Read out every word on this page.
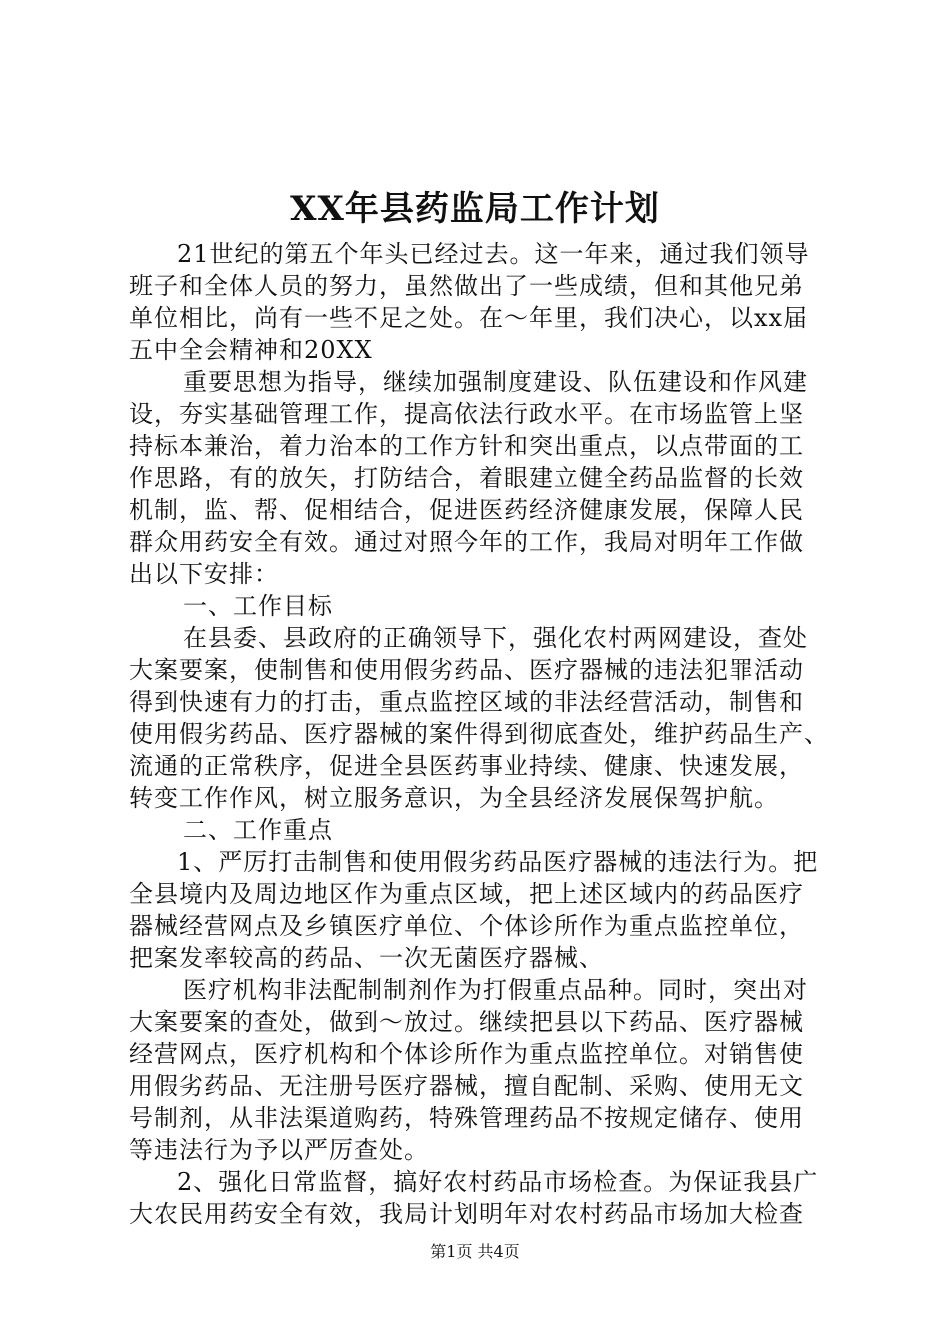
XX年县药监局工作计划
21世纪的第五个年头已经过去。这一年来，通过我们领导
班子和全体人员的努力，虽然做出了一些成绩，但和其他兄弟
单位相比，尚有一些不足之处。在～年里，我们决心，以xx届
五中全会精神和20XX
重要思想为指导，继续加强制度建设、队伍建设和作风建
设，夯实基础管理工作，提高依法行政水平。在市场监管上坚
持标本兼治，着力治本的工作方针和突出重点，以点带面的工
作思路，有的放矢，打防结合，着眼建立健全药品监督的长效
机制，监、帮、促相结合，促进医药经济健康发展，保障人民
群众用药安全有效。通过对照今年的工作，我局对明年工作做
出以下安排：
一、工作目标
在县委、县政府的正确领导下，强化农村两网建设，查处
大案要案，使制售和使用假劣药品、医疗器械的违法犯罪活动
得到快速有力的打击，重点监控区域的非法经营活动，制售和
使用假劣药品、医疗器械的案件得到彻底查处，维护药品生产、
流通的正常秩序，促进全县医药事业持续、健康、快速发展，
转变工作作风，树立服务意识，为全县经济发展保驾护航。
二、工作重点
1、严厉打击制售和使用假劣药品医疗器械的违法行为。把
全县境内及周边地区作为重点区域，把上述区域内的药品医疗
器械经营网点及乡镇医疗单位、个体诊所作为重点监控单位，
把案发率较高的药品、一次无菌医疗器械、
医疗机构非法配制制剂作为打假重点品种。同时，突出对
大案要案的查处，做到～放过。继续把县以下药品、医疗器械
经营网点，医疗机构和个体诊所作为重点监控单位。对销售使
用假劣药品、无注册号医疗器械，擅自配制、采购、使用无文
号制剂，从非法渠道购药，特殊管理药品不按规定储存、使用
等违法行为予以严厉查处。
2、强化日常监督，搞好农村药品市场检查。为保证我县广
大农民用药安全有效，我局计划明年对农村药品市场加大检查
第1页 共4页
